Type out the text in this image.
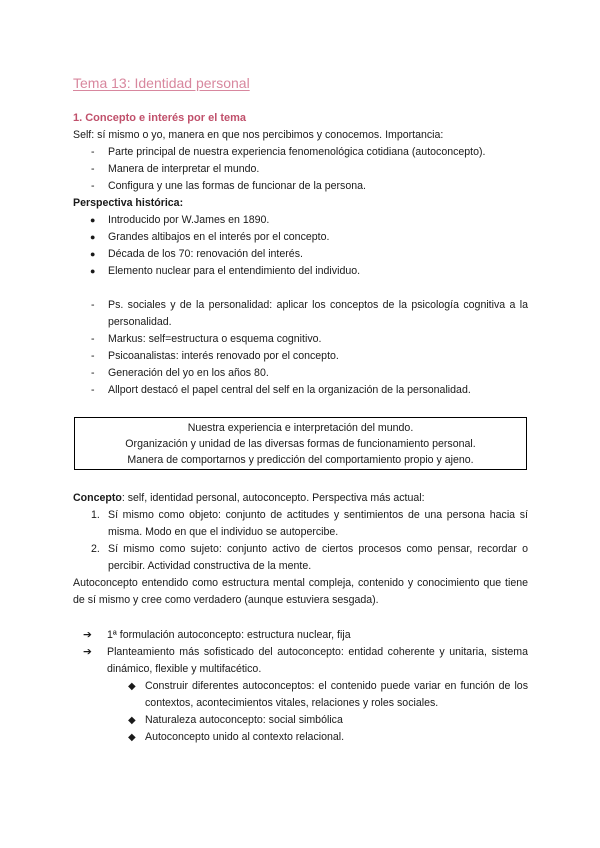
Tema 13: Identidad personal
1. Concepto e interés por el tema
Self: sí mismo o yo, manera en que nos percibimos y conocemos. Importancia:
-	Parte principal de nuestra experiencia fenomenológica cotidiana (autoconcepto).
-	Manera de interpretar el mundo.
-	Configura y une las formas de funcionar de la persona.
Perspectiva histórica:
●	Introducido por W.James en 1890.
●	Grandes altibajos en el interés por el concepto.
●	Década de los 70: renovación del interés.
●	Elemento nuclear para el entendimiento del individuo.
-	Ps. sociales y de la personalidad: aplicar los conceptos de la psicología cognitiva a la personalidad.
-	Markus: self=estructura o esquema cognitivo.
-	Psicoanalistas: interés renovado por el concepto.
-	Generación del yo en los años 80.
-	Allport destacó el papel central del self en la organización de la personalidad.
Nuestra experiencia e interpretación del mundo.
Organización y unidad de las diversas formas de funcionamiento personal.
Manera de comportarnos y predicción del comportamiento propio y ajeno.
Concepto: self, identidad personal, autoconcepto. Perspectiva más actual:
1. Sí mismo como objeto: conjunto de actitudes y sentimientos de una persona hacia sí misma. Modo en que el individuo se autopercibe.
2. Sí mismo como sujeto: conjunto activo de ciertos procesos como pensar, recordar o percibir. Actividad constructiva de la mente.
Autoconcepto entendido como estructura mental compleja, contenido y conocimiento que tiene de sí mismo y cree como verdadero (aunque estuviera sesgada).
➔	1ª formulación autoconcepto: estructura nuclear, fija
➔	Planteamiento más sofisticado del autoconcepto: entidad coherente y unitaria, sistema dinámico, flexible y multifacético.
◆ Construir diferentes autoconceptos: el contenido puede variar en función de los contextos, acontecimientos vitales, relaciones y roles sociales.
◆ Naturaleza autoconcepto: social simbólica
◆ Autoconcepto unido al contexto relacional.
